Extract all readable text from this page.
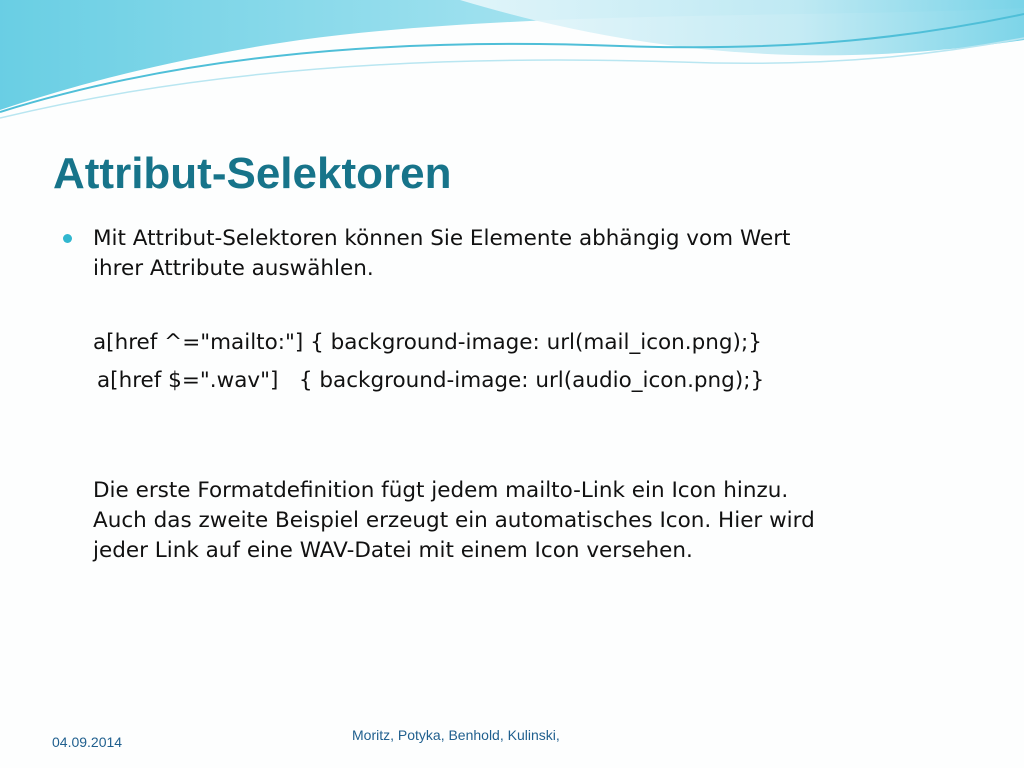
Attribut-Selektoren

Mit Attribut-Selektoren können Sie Elemente abhängig vom Wert

ihrer Attribute auswählen.

a[href ^="mailto:"] { background-image: url(mail_icon.png);}

a[href $=".wav"]   { background-image: url(audio_icon.png);}

Die erste Formatdefinition fügt jedem mailto-Link ein Icon hinzu.

Auch das zweite Beispiel erzeugt ein automatisches Icon. Hier wird

jeder Link auf eine WAV-Datei mit einem Icon versehen.

04.09.2014	Moritz, Potyka, Benhold, Kulinski,
